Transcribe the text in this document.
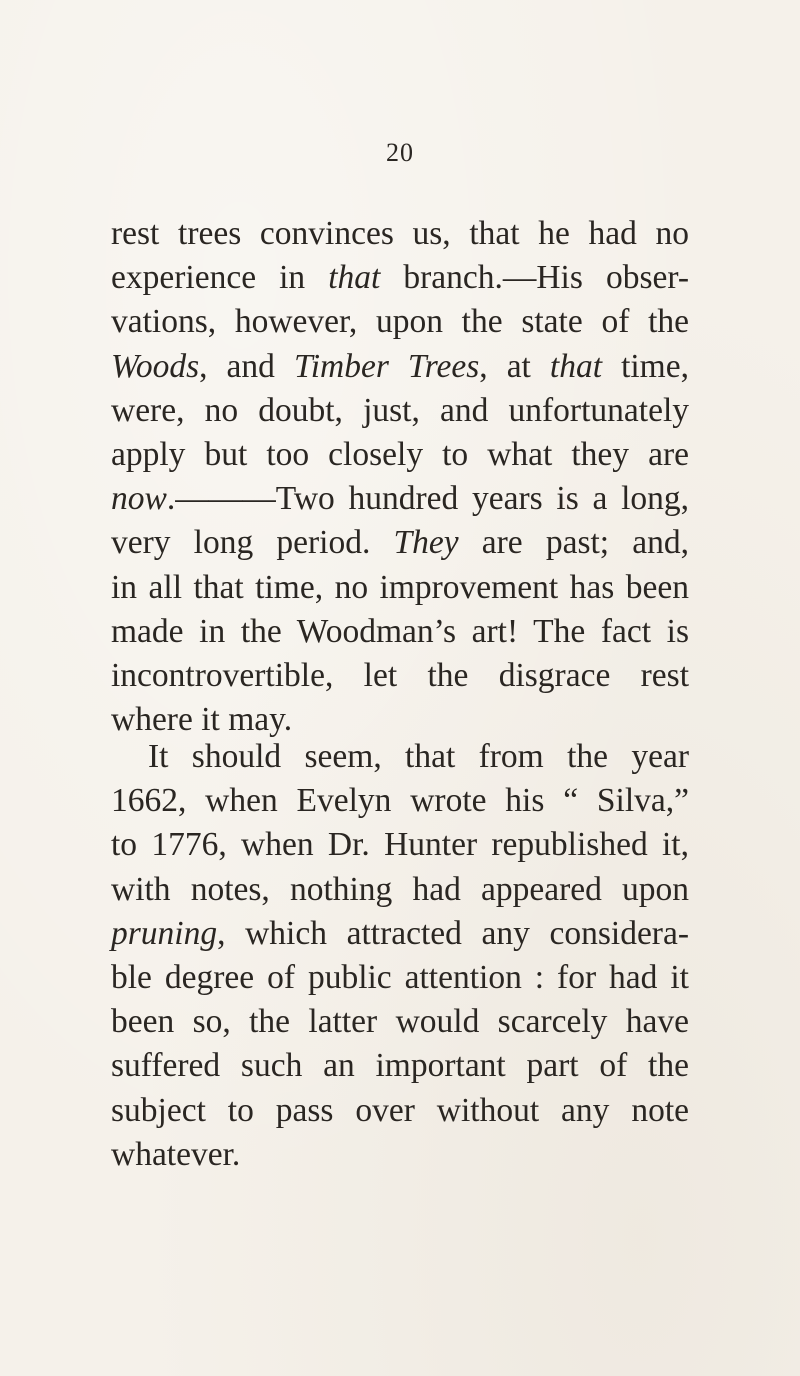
20
rest trees convinces us, that he had no
experience in that branch.—His obser-
vations, however, upon the state of the
Woods, and Timber Trees, at that time,
were, no doubt, just, and unfortunately
apply but too closely to what they are
now.———Two hundred years is a long,
very long period. They are past; and,
in all that time, no improvement has been
made in the Woodman’s art! The fact is
incontrovertible, let the disgrace rest
where it may.
It should seem, that from the year
1662, when Evelyn wrote his “ Silva,”
to 1776, when Dr. Hunter republished it,
with notes, nothing had appeared upon
pruning, which attracted any considera-
ble degree of public attention : for had it
been so, the latter would scarcely have
suffered such an important part of the
subject to pass over without any note
whatever.
